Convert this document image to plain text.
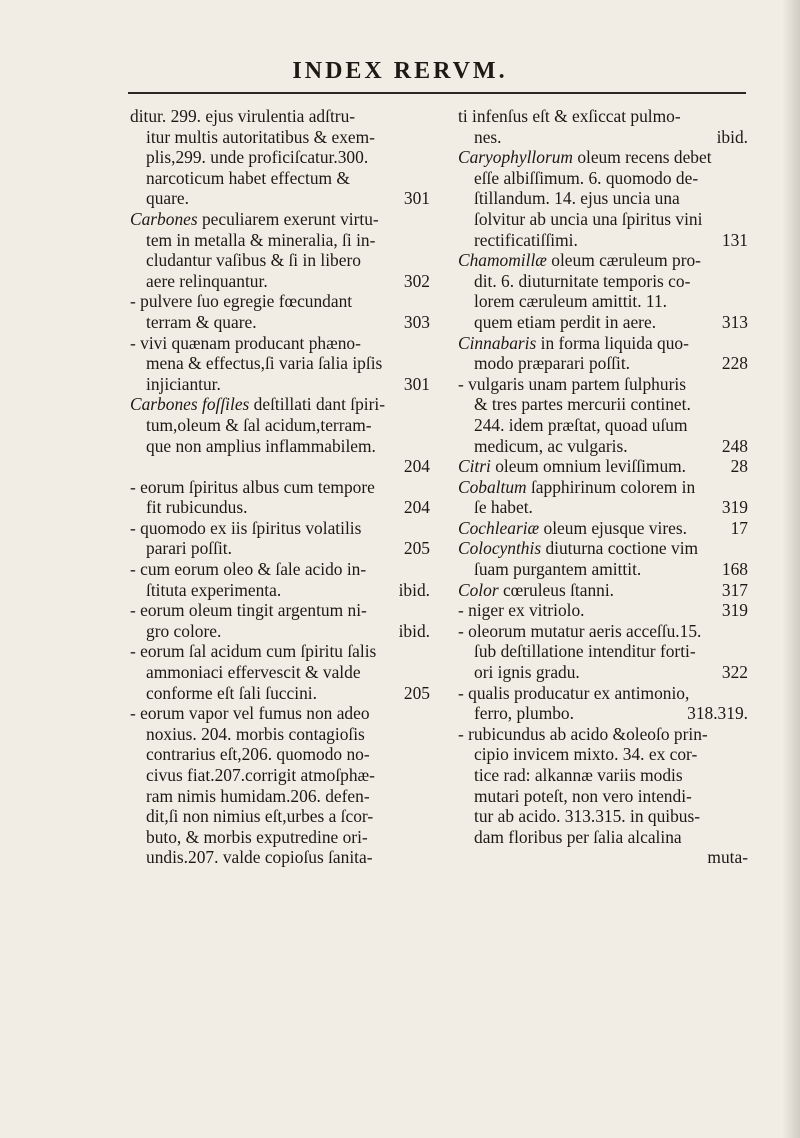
INDEX RERVM.
ditur. 299. ejus virulentia adſtru-
itur multis autoritatibus & exem-
plis,299. unde proficiſcatur.300.
narcoticum habet effectum &
quare.	301
Carbones peculiarem exerunt virtu-
tem in metalla & mineralia, ſi in-
cludantur vaſibus & ſi in libero
aere relinquantur.	302
- pulvere ſuo egregie fœcundant
terram & quare.	303
- vivi quænam producant phæno-
mena & effectus,ſi varia ſalia ipſis
injiciantur.	301
Carbones foſſiles deſtillati dant ſpiri-
tum,oleum & ſal acidum,terram-
que non amplius inflammabilem.
204
- eorum ſpiritus albus cum tempore
fit rubicundus.	204
- quomodo ex iis ſpiritus volatilis
parari poſſit.	205
- cum eorum oleo & ſale acido in-
ſtituta experimenta.	ibid.
- eorum oleum tingit argentum ni-
gro colore.	ibid.
- eorum ſal acidum cum ſpiritu ſalis
ammoniaci effervescit & valde
conforme eſt ſali ſuccini.	205
- eorum vapor vel fumus non adeo
noxius. 204. morbis contagioſis
contrarius eſt,206. quomodo no-
civus fiat.207.corrigit atmoſphæ-
ram nimis humidam.206. defen-
dit,ſi non nimius eſt,urbes a ſcor-
buto, & morbis exputredine ori-
undis.207. valde copioſus ſanita-
ti infenſus eſt & exſiccat pulmo-
nes.	ibid.
Caryophyllorum oleum recens debet
eſſe albiſſimum. 6. quomodo de-
ſtillandum. 14. ejus uncia una
ſolvitur ab uncia una ſpiritus vini
rectificatiſſimi.	131
Chamomillæ oleum cæruleum pro-
dit. 6. diuturnitate temporis co-
lorem cæruleum amittit. 11.
quem etiam perdit in aere.	313
Cinnabaris in forma liquida quo-
modo præparari poſſit.	228
- vulgaris unam partem ſulphuris
& tres partes mercurii continet.
244. idem præſtat, quoad uſum
medicum, ac vulgaris.	248
Citri oleum omnium leviſſimum.	28
Cobaltum ſapphirinum colorem in
ſe habet.	319
Cochleariæ oleum ejusque vires.	17
Colocynthis diuturna coctione vim
ſuam purgantem amittit.	168
Color cœruleus ſtanni.	317
- niger ex vitriolo.	319
- oleorum mutatur aeris acceſſu.15.
ſub deſtillatione intenditur forti-
ori ignis gradu.	322
- qualis producatur ex antimonio,
ferro, plumbo.	318.319.
- rubicundus ab acido &oleoſo prin-
cipio invicem mixto. 34. ex cor-
tice rad: alkannæ variis modis
mutari poteſt, non vero intendi-
tur ab acido. 313.315. in quibus-
dam floribus per ſalia alcalina
muta-
